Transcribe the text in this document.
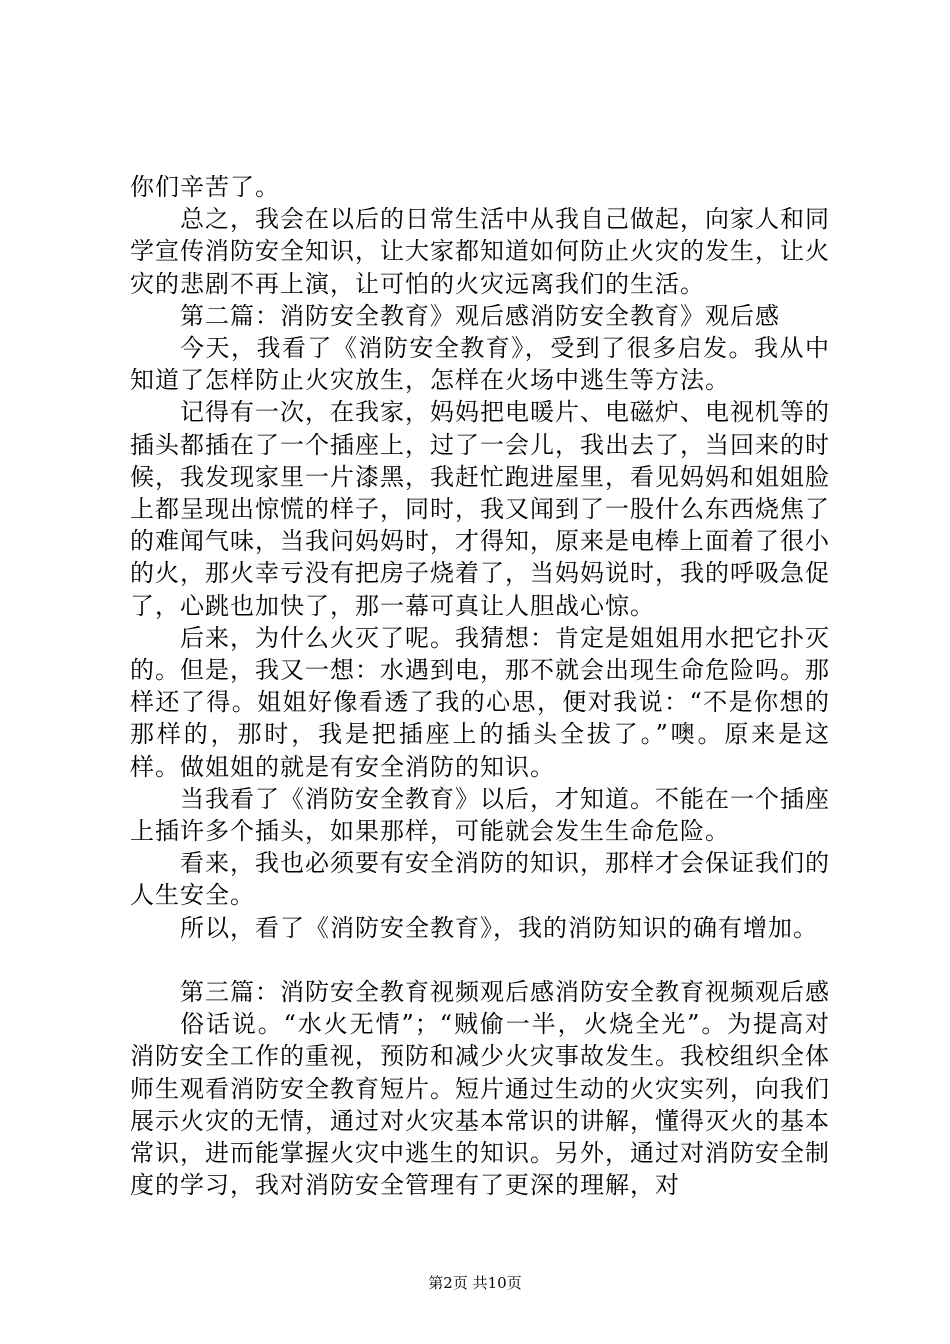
你们辛苦了。

总之，我会在以后的日常生活中从我自己做起，向家人和同学宣传消防安全知识，让大家都知道如何防止火灾的发生，让火灾的悲剧不再上演，让可怕的火灾远离我们的生活。

第二篇：消防安全教育》观后感消防安全教育》观后感

今天，我看了《消防安全教育》，受到了很多启发。我从中知道了怎样防止火灾放生，怎样在火场中逃生等方法。

记得有一次，在我家，妈妈把电暖片、电磁炉、电视机等的插头都插在了一个插座上，过了一会儿，我出去了，当回来的时候，我发现家里一片漆黑，我赶忙跑进屋里，看见妈妈和姐姐脸上都呈现出惊慌的样子，同时，我又闻到了一股什么东西烧焦了的难闻气味，当我问妈妈时，才得知，原来是电棒上面着了很小的火，那火幸亏没有把房子烧着了，当妈妈说时，我的呼吸急促了，心跳也加快了，那一幕可真让人胆战心惊。

后来，为什么火灭了呢。我猜想：肯定是姐姐用水把它扑灭的。但是，我又一想：水遇到电，那不就会出现生命危险吗。那样还了得。姐姐好像看透了我的心思，便对我说：“不是你想的那样的，那时，我是把插座上的插头全拔了。”噢。原来是这样。做姐姐的就是有安全消防的知识。

当我看了《消防安全教育》以后，才知道。不能在一个插座上插许多个插头，如果那样，可能就会发生生命危险。

看来，我也必须要有安全消防的知识，那样才会保证我们的人生安全。

所以，看了《消防安全教育》，我的消防知识的确有增加。

第三篇：消防安全教育视频观后感消防安全教育视频观后感

俗话说。“水火无情”；“贼偷一半，火烧全光”。为提高对消防安全工作的重视，预防和减少火灾事故发生。我校组织全体师生观看消防安全教育短片。短片通过生动的火灾实列，向我们展示火灾的无情，通过对火灾基本常识的讲解，懂得灭火的基本常识，进而能掌握火灾中逃生的知识。另外，通过对消防安全制度的学习，我对消防安全管理有了更深的理解，对

第2页 共10页
